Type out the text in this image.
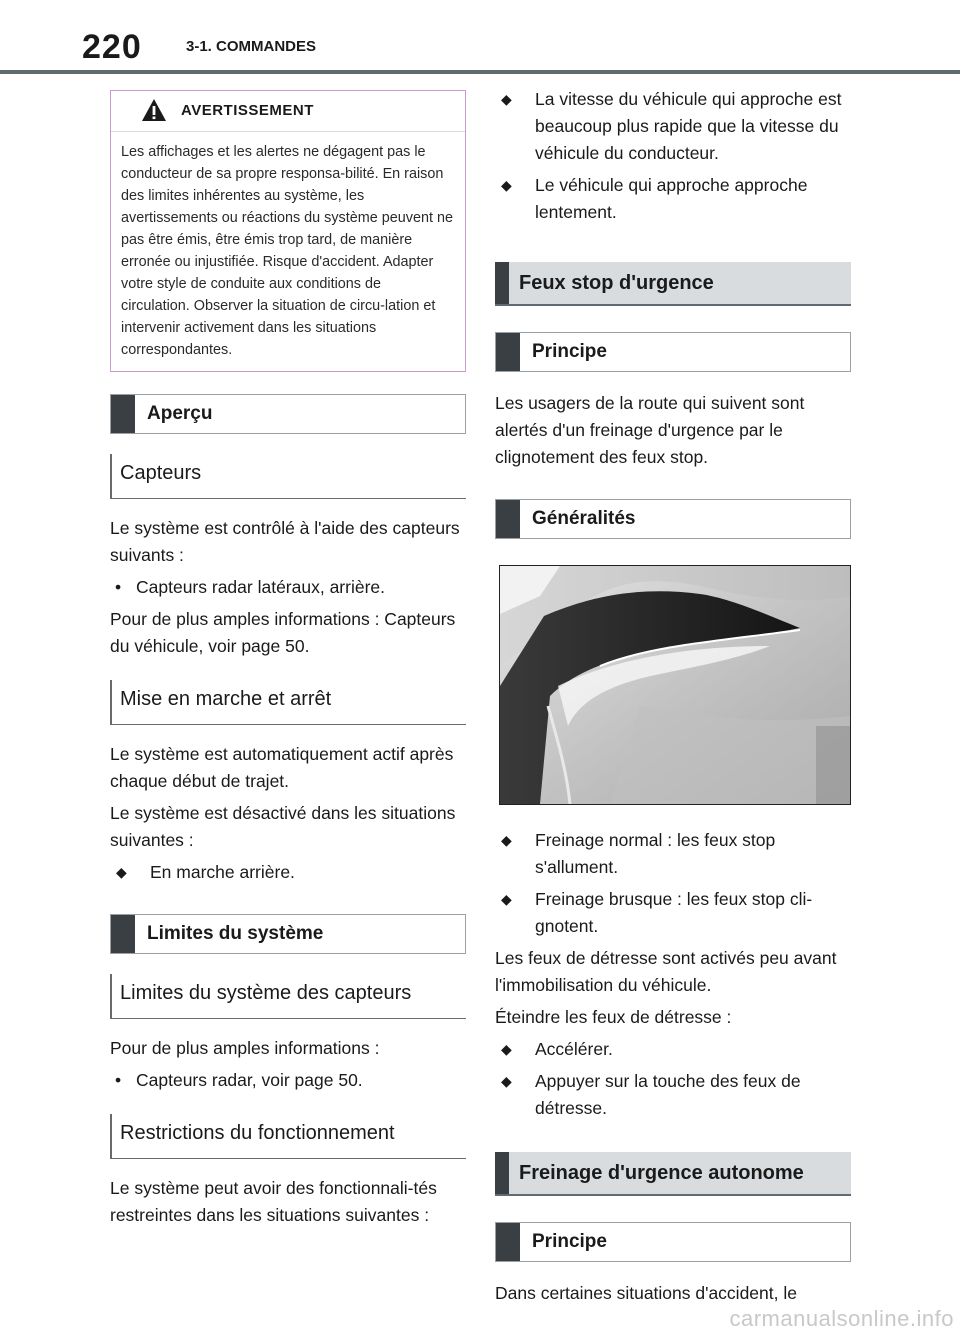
220	3-1. COMMANDES
AVERTISSEMENT
Les affichages et les alertes ne dégagent pas le conducteur de sa propre responsa-bilité. En raison des limites inhérentes au système, les avertissements ou réactions du système peuvent ne pas être émis, être émis trop tard, de manière erronée ou injustifiée. Risque d'accident. Adapter votre style de conduite aux conditions de circulation. Observer la situation de circu-lation et intervenir activement dans les situations correspondantes.
Aperçu
Capteurs

Le système est contrôlé à l'aide des capteurs suivants :

• Capteurs radar latéraux, arrière.

Pour de plus amples informations : Capteurs du véhicule, voir page 50.

Mise en marche et arrêt

Le système est automatiquement actif après chaque début de trajet.

Le système est désactivé dans les situations suivantes :

◆ En marche arrière.
Limites du système
Limites du système des capteurs

Pour de plus amples informations :

• Capteurs radar, voir page 50.
Restrictions du fonctionnement

Le système peut avoir des fonctionnali-tés restreintes dans les situations suivantes :

◆ La vitesse du véhicule qui approche est beaucoup plus rapide que la vitesse du véhicule du conducteur.
◆ Le véhicule qui approche approche lentement.
Feux stop d'urgence
Principe

Les usagers de la route qui suivent sont alertés d'un freinage d'urgence par le clignotement des feux stop.

Généralités
◆ Freinage normal : les feux stop s'allument.
◆ Freinage brusque : les feux stop cli-gnotent.

Les feux de détresse sont activés peu avant l'immobilisation du véhicule.

Éteindre les feux de détresse :

◆ Accélérer.
◆ Appuyer sur la touche des feux de détresse.
Freinage d'urgence autonome
Principe

Dans certaines situations d'accident, le

carmanualsonline.info
